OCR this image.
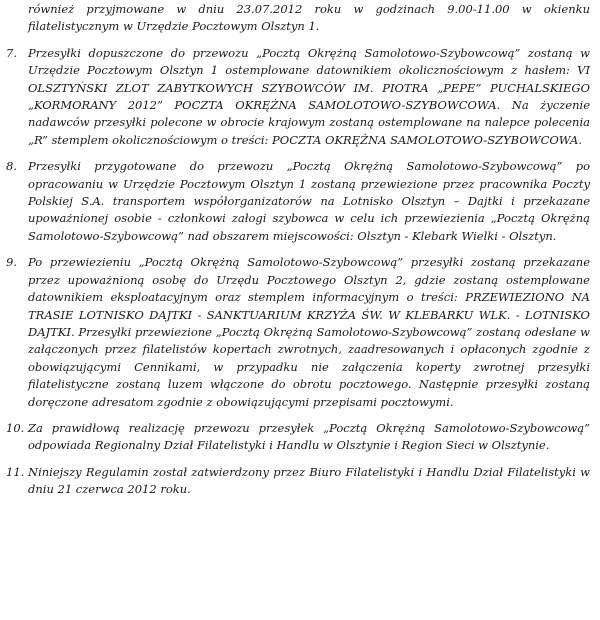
również przyjmowane w dniu 23.07.2012 roku w godzinach 9.00-11.00 w okienku filatelistycznym w Urzędzie Pocztowym Olsztyn 1.

7. Przesyłki dopuszczone do przewozu „Pocztą Okrężną Samolotowo-Szybowcową” zostaną w Urzędzie Pocztowym Olsztyn 1 ostemplowane datownikiem okolicznościowym z hasłem: VI OLSZTYŃSKI ZLOT ZABYTKOWYCH SZYBOWCÓW IM. PIOTRA „PEPE” PUCHALSKIEGO „KORMORANY 2012” POCZTA OKRĘŻNA SAMOLOTOWO-SZYBOWCOWA. Na życzenie nadawców przesyłki polecone w obrocie krajowym zostaną ostemplowane na nalepce polecenia „R” stemplem okolicznościowym o treści: POCZTA OKRĘŻNA SAMOLOTOWO-SZYBOWCOWA.
8. Przesyłki przygotowane do przewozu „Pocztą Okrężną Samolotowo-Szybowcową” po opracowaniu w Urzędzie Pocztowym Olsztyn 1 zostaną przewiezione przez pracownika Poczty Polskiej S.A. transportem współorganizatorów na Lotnisko Olsztyn – Dajtki i przekazane upoważnionej osobie - członkowi załogi szybowca w celu ich przewiezienia „Pocztą Okrężną Samolotowo-Szybowcową” nad obszarem miejscowości: Olsztyn - Klebark Wielki - Olsztyn.
9. Po przewiezieniu „Pocztą Okrężną Samolotowo-Szybowcową” przesyłki zostaną przekazane przez upoważnioną osobę do Urzędu Pocztowego Olsztyn 2, gdzie zostaną ostemplowane datownikiem eksploatacyjnym oraz stemplem informacyjnym o treści: PRZEWIEZIONO NA TRASIE LOTNISKO DAJTKI - SANKTUARIUM KRZYŻA ŚW. W KLEBARKU WLK. - LOTNISKO DAJTKI. Przesyłki przewiezione „Pocztą Okrężną Samolotowo-Szybowcową” zostaną odesłane w załączonych przez filatelistów kopertach zwrotnych, zaadresowanych i opłaconych zgodnie z obowiązującymi Cennikami, w przypadku nie załączenia koperty zwrotnej przesyłki filatelistyczne zostaną luzem włączone do obrotu pocztowego. Następnie przesyłki zostaną doręczone adresatom zgodnie z obowiązującymi przepisami pocztowymi.
10. Za prawidłową realizację przewozu przesyłek „Pocztą Okrężną Samolotowo-Szybowcową” odpowiada Regionalny Dział Filatelistyki i Handlu w Olsztynie i Region Sieci w Olsztynie.
11. Niniejszy Regulamin został zatwierdzony przez Biuro Filatelistyki i Handlu Dział Filatelistyki w dniu 21 czerwca 2012 roku.
